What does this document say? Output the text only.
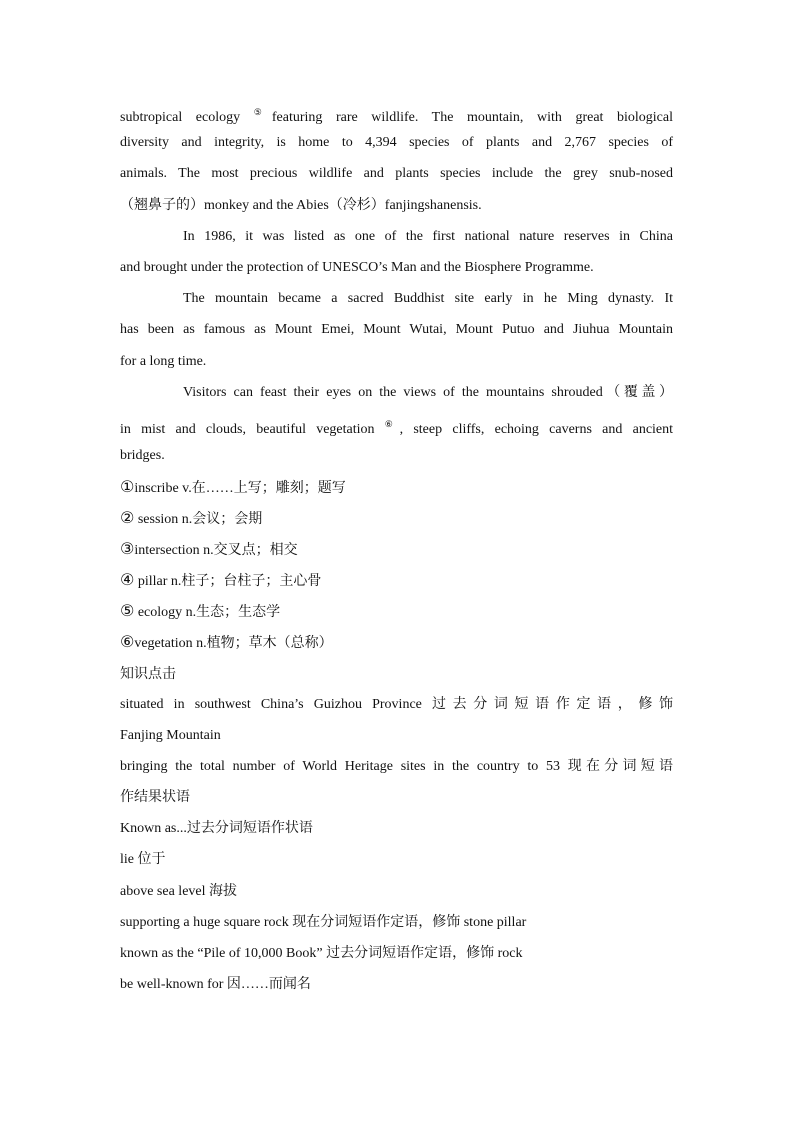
subtropical ecology ⑤featuring rare wildlife. The mountain, with great biological
diversity and integrity, is home to 4,394 species of plants and 2,767 species of
animals. The most precious wildlife and plants species include the grey snub-nosed
（翘鼻子的）monkey and the Abies（冷杉）fanjingshanensis.
In 1986, it was listed as one of the first national nature reserves in China
and brought under the protection of UNESCO’s Man and the Biosphere Programme.
The mountain became a sacred Buddhist site early in he Ming dynasty. It
has been as famous as Mount Emei, Mount Wutai, Mount Putuo and Jiuhua Mountain
for a long time.
Visitors can feast their eyes on the views of the mountains shrouded（覆盖）
in mist and clouds, beautiful vegetation ⑥, steep cliffs, echoing caverns and ancient
bridges.
①inscribe v.在……上写；雕刻；题写
② session n.会议；会期
③intersection n.交叉点；相交
④ pillar n.柱子；台柱子；主心骨
⑤ ecology n.生态；生态学
⑥vegetation n.植物；草木（总称）
知识点击
situated in southwest China’s Guizhou Province 过去分词短语作定语，修饰
Fanjing Mountain
bringing the total number of World Heritage sites in the country to 53 现在分词短语
作结果状语
Known as...过去分词短语作状语
lie 位于
above sea level 海拔
supporting a huge square rock 现在分词短语作定语，修饰 stone pillar
known as the “Pile of 10,000 Book” 过去分词短语作定语，修饰 rock
be well-known for 因……而闻名
